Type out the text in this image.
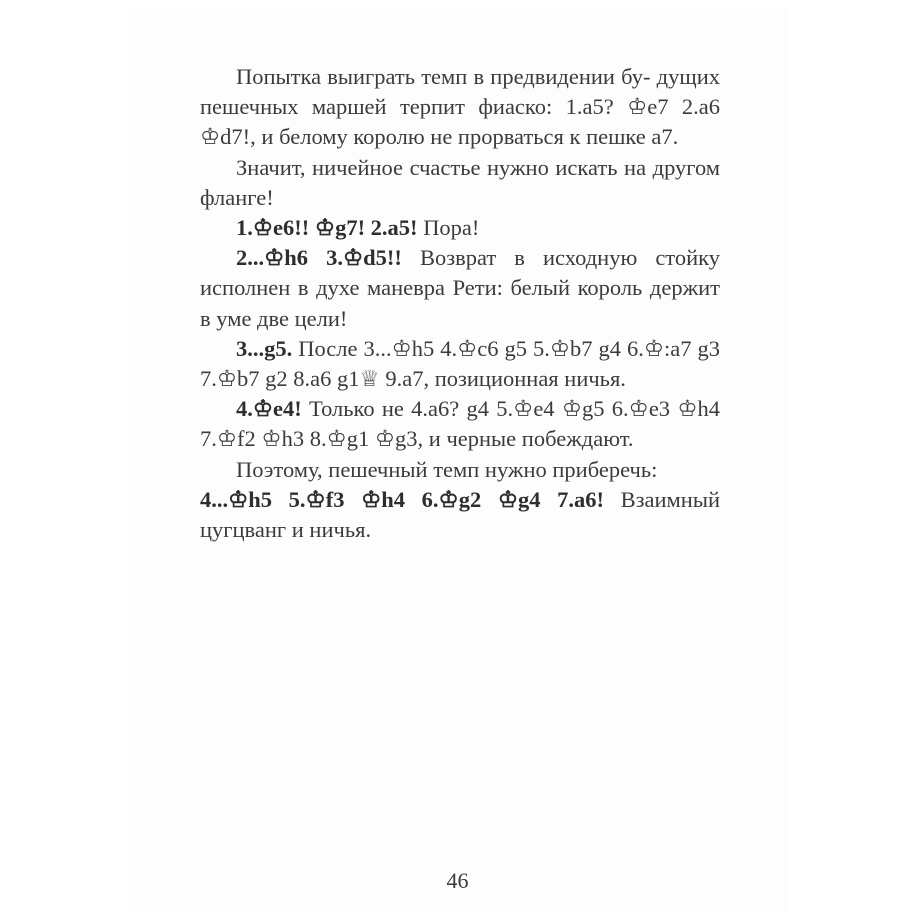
Попытка выиграть темп в предвидении бу- дущих пешечных маршей терпит фиаско: 1.а5? ♔е7 2.а6 ♔d7!, и белому королю не прорваться к пешке а7.

Значит, ничейное счастье нужно искать на другом фланге!

1.♔e6!! ♔g7! 2.a5! Пора!

2...♔h6 3.♔d5!! Возврат в исходную стойку исполнен в духе маневра Рети: белый король держит в уме две цели!

3...g5. После 3...♔h5 4.♔c6 g5 5.♔b7 g4 6.♔:a7 g3 7.♔b7 g2 8.a6 g1♕ 9.a7, позиционная ничья.

4.♔e4! Только не 4.а6? g4 5.♔e4 ♔g5 6.♔e3 ♔h4 7.♔f2 ♔h3 8.♔g1 ♔g3, и черные побеждают.

Поэтому, пешечный темп нужно приберечь:

4...♔h5 5.♔f3 ♔h4 6.♔g2 ♔g4 7.a6! Взаимный цугцванг и ничья.

46
